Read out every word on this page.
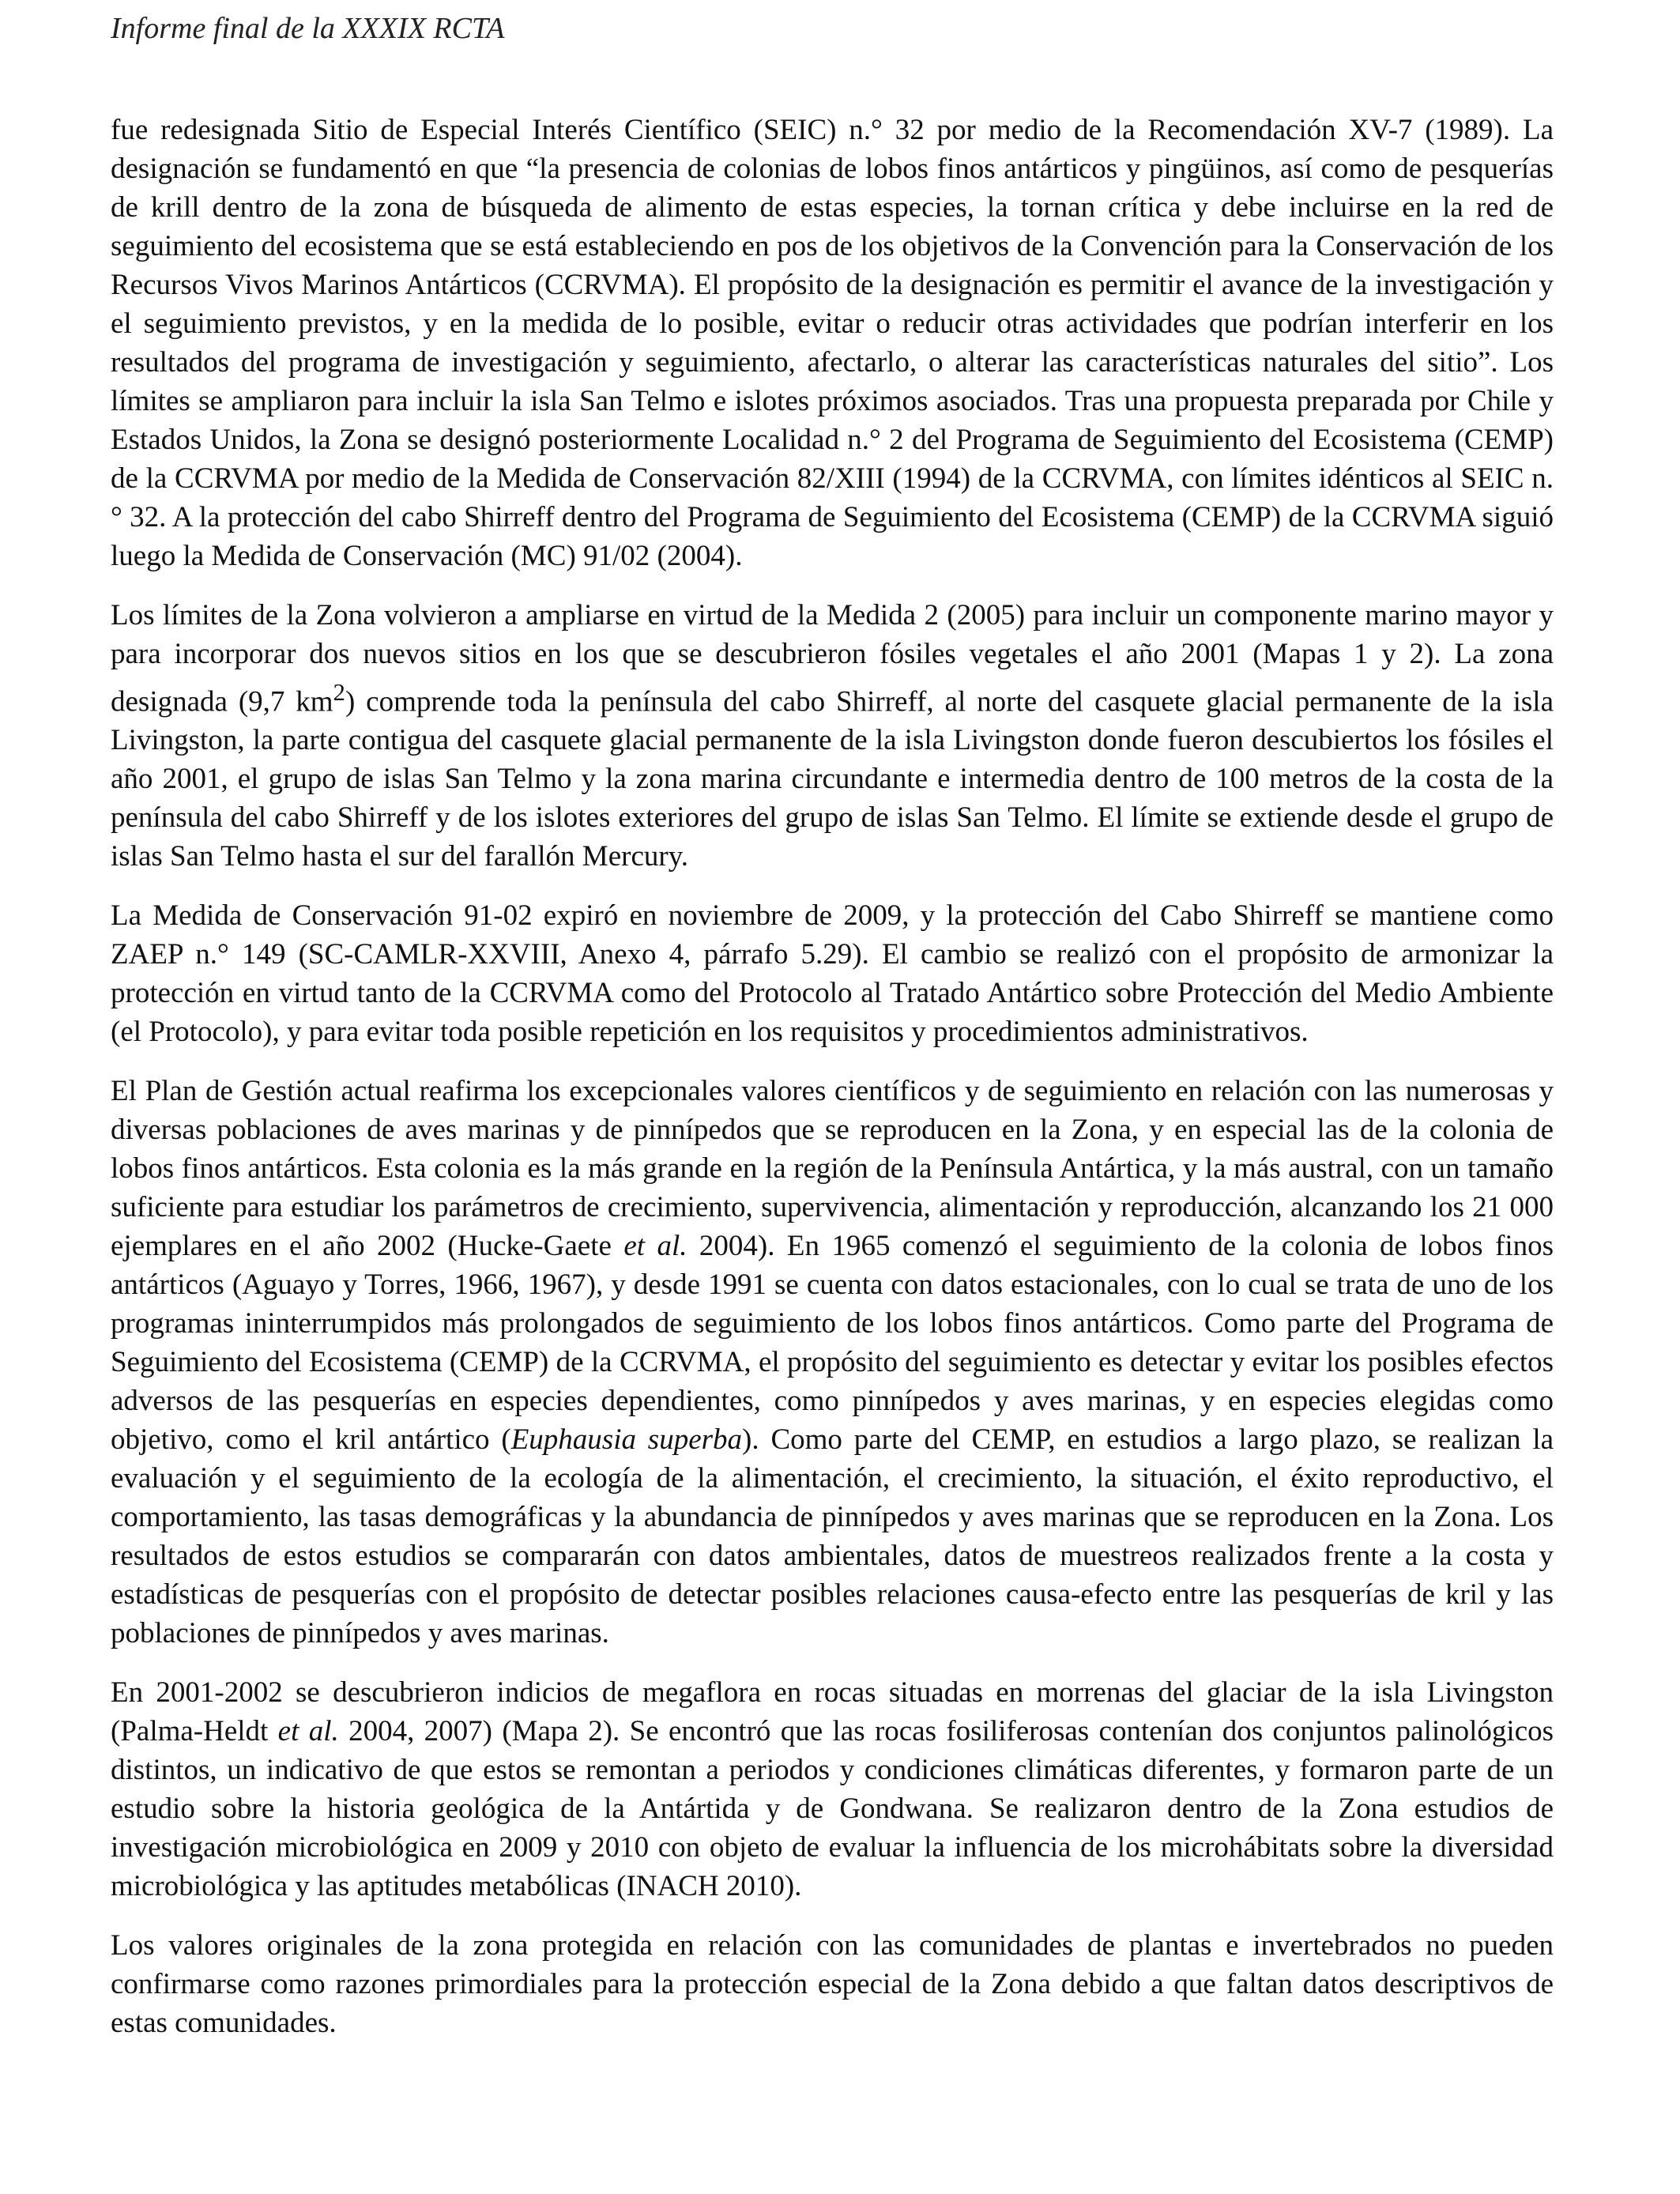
Informe final de la XXXIX RCTA

fue redesignada Sitio de Especial Interés Científico (SEIC) n.° 32 por medio de la Recomendación XV-7 (1989). La designación se fundamentó en que “la presencia de colonias de lobos finos antárticos y pingüinos, así como de pesquerías de krill dentro de la zona de búsqueda de alimento de estas especies, la tornan crítica y debe incluirse en la red de seguimiento del ecosistema que se está estableciendo en pos de los objetivos de la Convención para la Conservación de los Recursos Vivos Marinos Antárticos (CCRVMA). El propósito de la designación es permitir el avance de la investigación y el seguimiento previstos, y en la medida de lo posible, evitar o reducir otras actividades que podrían interferir en los resultados del programa de investigación y seguimiento, afectarlo, o alterar las características naturales del sitio”. Los límites se ampliaron para incluir la isla San Telmo e islotes próximos asociados. Tras una propuesta preparada por Chile y Estados Unidos, la Zona se designó posteriormente Localidad n.° 2 del Programa de Seguimiento del Ecosistema (CEMP) de la CCRVMA por medio de la Medida de Conservación 82/XIII (1994) de la CCRVMA, con límites idénticos al SEIC n.° 32. A la protección del cabo Shirreff dentro del Programa de Seguimiento del Ecosistema (CEMP) de la CCRVMA siguió luego la Medida de Conservación (MC) 91/02 (2004).

Los límites de la Zona volvieron a ampliarse en virtud de la Medida 2 (2005) para incluir un componente marino mayor y para incorporar dos nuevos sitios en los que se descubrieron fósiles vegetales el año 2001 (Mapas 1 y 2). La zona designada (9,7 $km^2$) comprende toda la península del cabo Shirreff, al norte del casquete glacial permanente de la isla Livingston, la parte contigua del casquete glacial permanente de la isla Livingston donde fueron descubiertos los fósiles el año 2001, el grupo de islas San Telmo y la zona marina circundante e intermedia dentro de 100 metros de la costa de la península del cabo Shirreff y de los islotes exteriores del grupo de islas San Telmo. El límite se extiende desde el grupo de islas San Telmo hasta el sur del farallón Mercury.

La Medida de Conservación 91-02 expiró en noviembre de 2009, y la protección del Cabo Shirreff se mantiene como ZAEP n.° 149 (SC-CAMLR-XXVIII, Anexo 4, párrafo 5.29). El cambio se realizó con el propósito de armonizar la protección en virtud tanto de la CCRVMA como del Protocolo al Tratado Antártico sobre Protección del Medio Ambiente (el Protocolo), y para evitar toda posible repetición en los requisitos y procedimientos administrativos.

El Plan de Gestión actual reafirma los excepcionales valores científicos y de seguimiento en relación con las numerosas y diversas poblaciones de aves marinas y de pinnípedos que se reproducen en la Zona, y en especial las de la colonia de lobos finos antárticos. Esta colonia es la más grande en la región de la Península Antártica, y la más austral, con un tamaño suficiente para estudiar los parámetros de crecimiento, supervivencia, alimentación y reproducción, alcanzando los 21 000 ejemplares en el año 2002 (Hucke-Gaete et al. 2004). En 1965 comenzó el seguimiento de la colonia de lobos finos antárticos (Aguayo y Torres, 1966, 1967), y desde 1991 se cuenta con datos estacionales, con lo cual se trata de uno de los programas ininterrumpidos más prolongados de seguimiento de los lobos finos antárticos. Como parte del Programa de Seguimiento del Ecosistema (CEMP) de la CCRVMA, el propósito del seguimiento es detectar y evitar los posibles efectos adversos de las pesquerías en especies dependientes, como pinnípedos y aves marinas, y en especies elegidas como objetivo, como el kril antártico (Euphausia superba). Como parte del CEMP, en estudios a largo plazo, se realizan la evaluación y el seguimiento de la ecología de la alimentación, el crecimiento, la situación, el éxito reproductivo, el comportamiento, las tasas demográficas y la abundancia de pinnípedos y aves marinas que se reproducen en la Zona. Los resultados de estos estudios se compararán con datos ambientales, datos de muestreos realizados frente a la costa y estadísticas de pesquerías con el propósito de detectar posibles relaciones causa-efecto entre las pesquerías de kril y las poblaciones de pinnípedos y aves marinas.

En 2001-2002 se descubrieron indicios de megaflora en rocas situadas en morrenas del glaciar de la isla Livingston (Palma-Heldt et al. 2004, 2007) (Mapa 2). Se encontró que las rocas fosiliferosas contenían dos conjuntos palinológicos distintos, un indicativo de que estos se remontan a periodos y condiciones climáticas diferentes, y formaron parte de un estudio sobre la historia geológica de la Antártida y de Gondwana. Se realizaron dentro de la Zona estudios de investigación microbiológica en 2009 y 2010 con objeto de evaluar la influencia de los microhábitats sobre la diversidad microbiológica y las aptitudes metabólicas (INACH 2010).

Los valores originales de la zona protegida en relación con las comunidades de plantas e invertebrados no pueden confirmarse como razones primordiales para la protección especial de la Zona debido a que faltan datos descriptivos de estas comunidades.
